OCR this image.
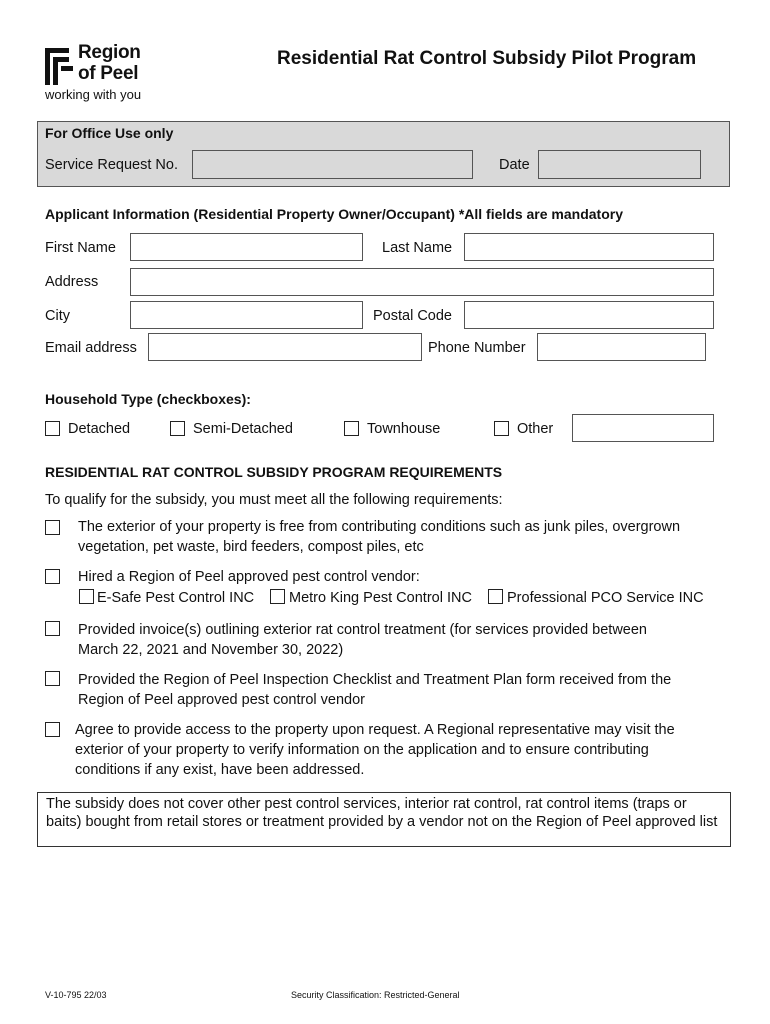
Region
of Peel
working with you
Residential Rat Control Subsidy Pilot Program
For Office Use only
Service Request No.	Date
Applicant Information (Residential Property Owner/Occupant) *All fields are mandatory
First Name	Last Name
Address
City	Postal Code
Email address	Phone Number
Household Type (checkboxes):
Detached	Semi-Detached	Townhouse	Other
RESIDENTIAL RAT CONTROL SUBSIDY PROGRAM REQUIREMENTS
To qualify for the subsidy, you must meet all the following requirements:
The exterior of your property is free from contributing conditions such as junk piles, overgrown
vegetation, pet waste, bird feeders, compost piles, etc
Hired a Region of Peel approved pest control vendor:
E-Safe Pest Control INC Metro King Pest Control INC Professional PCO Service INC
Provided invoice(s) outlining exterior rat control treatment (for services provided between
March 22, 2021 and November 30, 2022)
Provided the Region of Peel Inspection Checklist and Treatment Plan form received from the
Region of Peel approved pest control vendor
Agree to provide access to the property upon request. A Regional representative may visit the
exterior of your property to verify information on the application and to ensure contributing
conditions if any exist, have been addressed.
The subsidy does not cover other pest control services, interior rat control, rat control items (traps or baits) bought from retail stores or treatment provided by a vendor not on the Region of Peel approved list
V-10-795 22/03	Security Classification: Restricted-General
